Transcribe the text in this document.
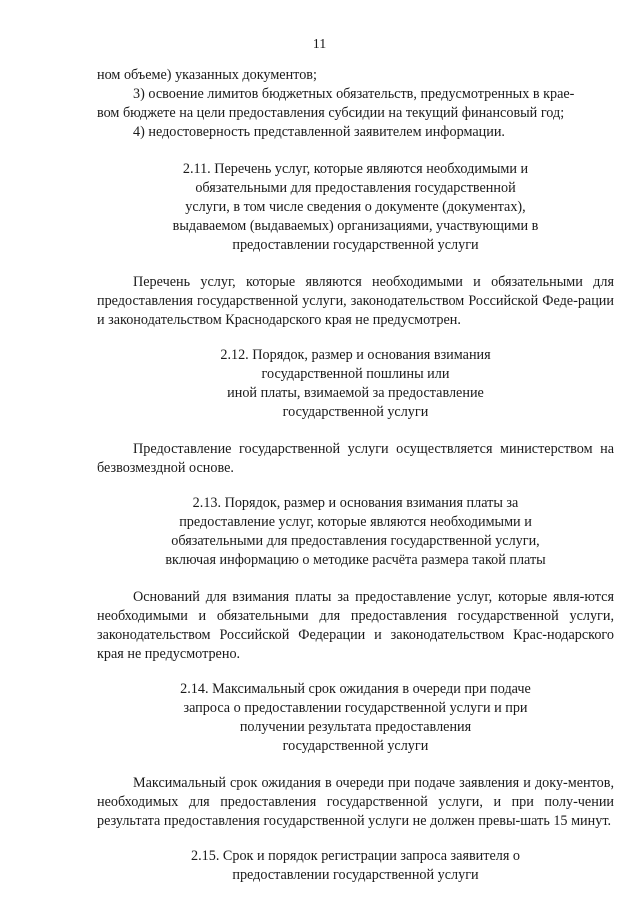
11

ном объеме) указанных документов;

3) освоение лимитов бюджетных обязательств, предусмотренных в крае-

вом бюджете на цели предоставления субсидии на текущий финансовый год;

4) недостоверность представленной заявителем информации.

2.11. Перечень услуг, которые являются необходимыми и

обязательными для предоставления государственной

услуги, в том числе сведения о документе (документах),

выдаваемом (выдаваемых) организациями, участвующими в

предоставлении государственной услуги

Перечень услуг, которые являются необходимыми и обязательными для предоставления государственной услуги, законодательством Российской Феде-рации и законодательством Краснодарского края не предусмотрен.

2.12. Порядок, размер и основания взимания

государственной пошлины или

иной платы, взимаемой за предоставление

государственной услуги

Предоставление государственной услуги осуществляется министерством на безвозмездной основе.

2.13. Порядок, размер и основания взимания платы за

предоставление услуг, которые являются необходимыми и

обязательными для предоставления государственной услуги,

включая информацию о методике расчёта размера такой платы

Оснований для взимания платы за предоставление услуг, которые явля-ются необходимыми и обязательными для предоставления государственной услуги, законодательством Российской Федерации и законодательством Крас-нодарского края не предусмотрено.

2.14. Максимальный срок ожидания в очереди при подаче

запроса о предоставлении государственной услуги и при

получении результата предоставления

государственной услуги

Максимальный срок ожидания в очереди при подаче заявления и доку-ментов, необходимых для предоставления государственной услуги, и при полу-чении результата предоставления государственной услуги не должен превы-шать 15 минут.

2.15. Срок и порядок регистрации запроса заявителя о

предоставлении государственной услуги
